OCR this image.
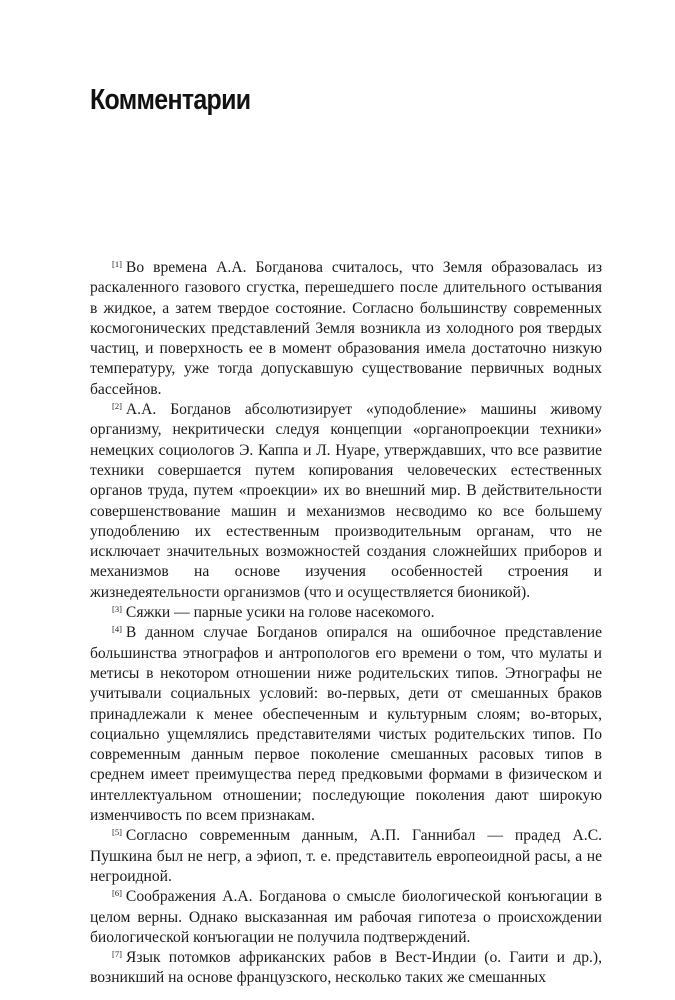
Комментарии

[1] Во времена А.А. Богданова считалось, что Земля образовалась из раскаленного газового сгустка, перешедшего после длительного остывания в жидкое, а затем твердое состояние. Согласно большинству современных космогонических представлений Земля возникла из холодного роя твердых частиц, и поверхность ее в момент образования имела достаточно низкую температуру, уже тогда допускавшую существование первичных водных бассейнов.

[2] А.А. Богданов абсолютизирует «уподобление» машины живому организму, некритически следуя концепции «органопроекции техники» немецких социологов Э. Каппа и Л. Нуаре, утверждавших, что все развитие техники совершается путем копирования человеческих естественных органов труда, путем «проекции» их во внешний мир. В действительности совершенствование машин и механизмов несводимо ко все большему уподоблению их естественным производительным органам, что не исключает значительных возможностей создания сложнейших приборов и механизмов на основе изучения особенностей строения и жизнедеятельности организмов (что и осуществляется бионикой).

[3] Сяжки — парные усики на голове насекомого.

[4] В данном случае Богданов опирался на ошибочное представление большинства этнографов и антропологов его времени о том, что мулаты и метисы в некотором отношении ниже родительских типов. Этнографы не учитывали социальных условий: во-первых, дети от смешанных браков принадлежали к менее обеспеченным и культурным слоям; во-вторых, социально ущемлялись представителями чистых родительских типов. По современным данным первое поколение смешанных расовых типов в среднем имеет преимущества перед предковыми формами в физическом и интеллектуальном отношении; последующие поколения дают широкую изменчивость по всем признакам.

[5] Согласно современным данным, А.П. Ганнибал — прадед А.С. Пушкина был не негр, а эфиоп, т. е. представитель европеоидной расы, а не негроидной.

[6] Соображения А.А. Богданова о смысле биологической конъюгации в целом верны. Однако высказанная им рабочая гипотеза о происхождении биологической конъюгации не получила подтверждений.

[7] Язык потомков африканских рабов в Вест-Индии (о. Гаити и др.), возникший на основе французского, несколько таких же смешанных
